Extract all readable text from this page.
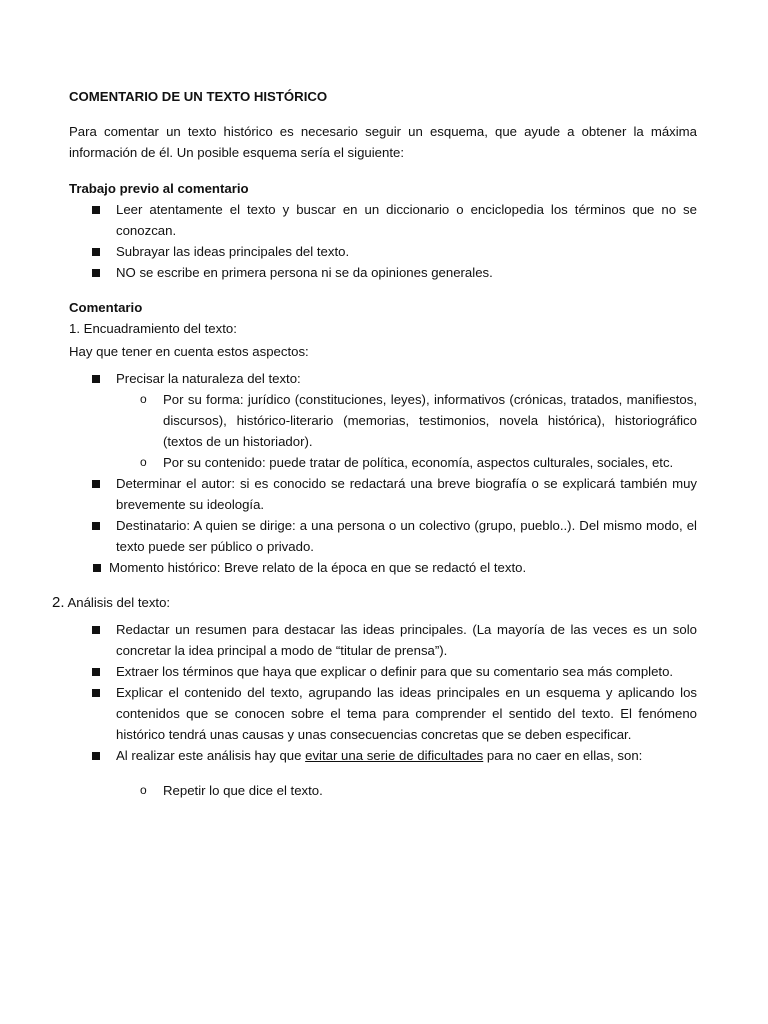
COMENTARIO DE UN TEXTO HISTÓRICO

Para comentar un texto histórico es necesario seguir un esquema, que ayude a obtener la máxima información de él. Un posible esquema sería el siguiente:

Trabajo previo al comentario

Leer atentamente el texto y buscar en un diccionario o enciclopedia los términos que no se conozcan.
Subrayar las ideas principales del texto.
NO se escribe en primera persona ni se da opiniones generales.

Comentario

1. Encuadramiento del texto:

Hay que tener en cuenta estos aspectos:

Precisar la naturaleza del texto:
o Por su forma: jurídico (constituciones, leyes), informativos (crónicas, tratados, manifiestos, discursos), histórico-literario (memorias, testimonios, novela histórica), historiográfico (textos de un historiador).
o Por su contenido: puede tratar de política, economía, aspectos culturales, sociales, etc.
Determinar el autor: si es conocido se redactará una breve biografía o se explicará también muy brevemente su ideología.
Destinatario: A quien se dirige: a una persona o un colectivo (grupo, pueblo..). Del mismo modo, el texto puede ser público o privado.
Momento histórico: Breve relato de la época en que se redactó el texto.

2. Análisis del texto:

Redactar un resumen para destacar las ideas principales. (La mayoría de las veces es un solo concretar la idea principal a modo de “titular de prensa”).
Extraer los términos que haya que explicar o definir para que su comentario sea más completo.
Explicar el contenido del texto, agrupando las ideas principales en un esquema y aplicando los contenidos que se conocen sobre el tema para comprender el sentido del texto. El fenómeno histórico tendrá unas causas y unas consecuencias concretas que se deben especificar.
Al realizar este análisis hay que evitar una serie de dificultades para no caer en ellas, son:
o Repetir lo que dice el texto.
